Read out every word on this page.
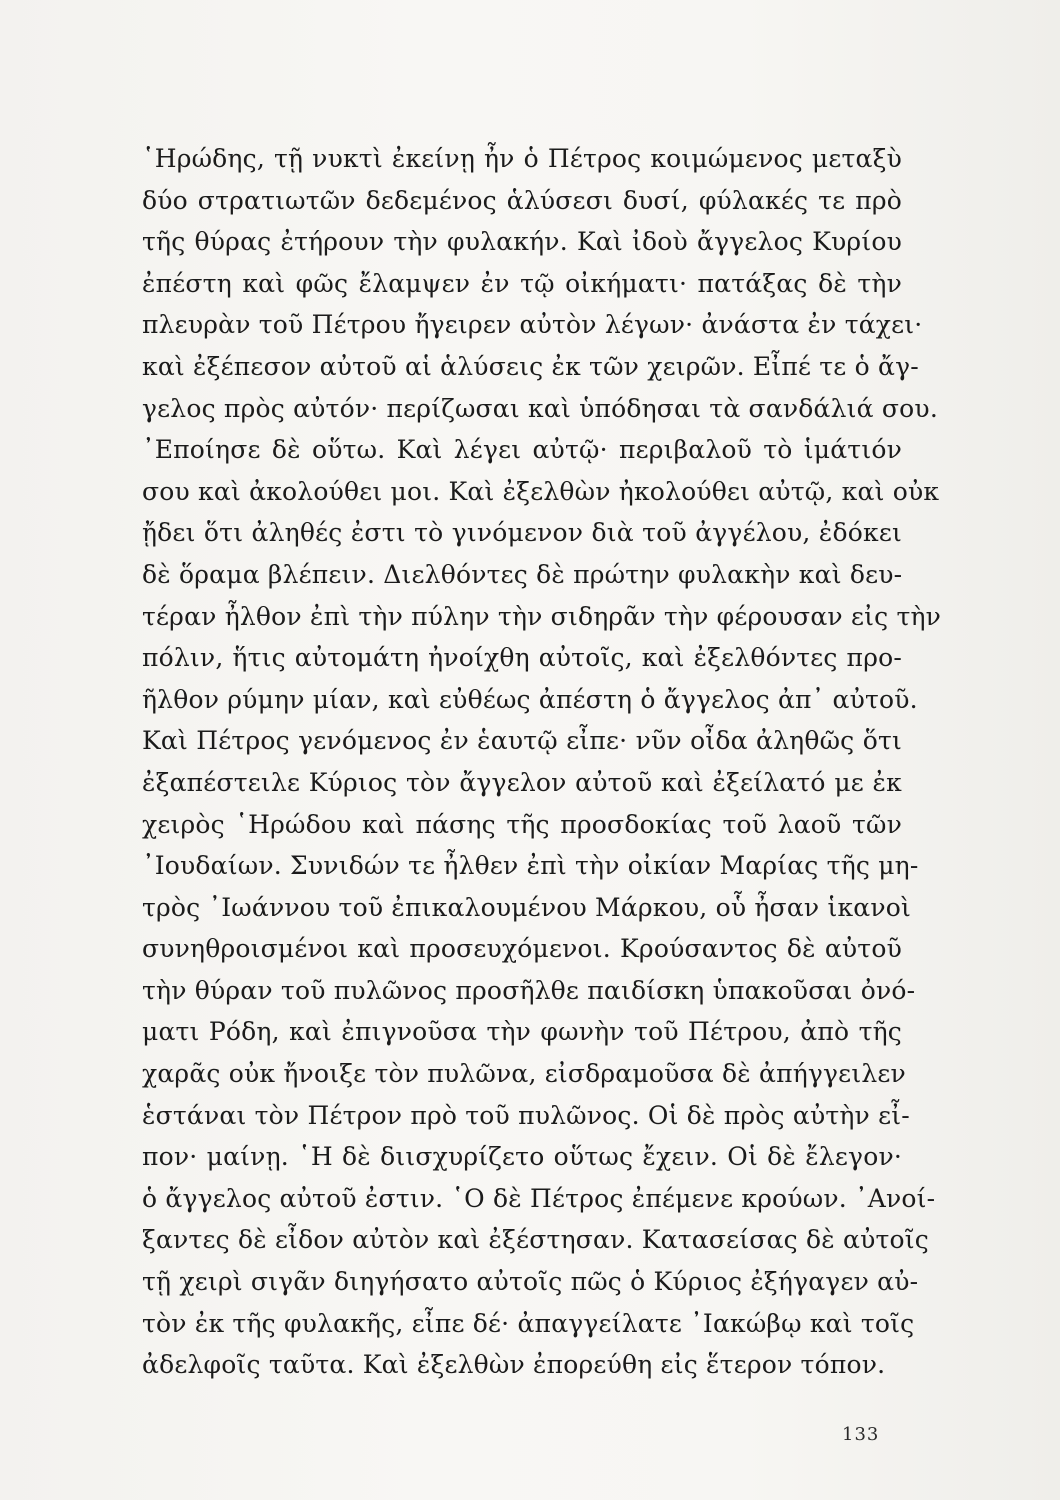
῾Ηρώδης, τῇ νυκτὶ ἐκείνῃ ἦν ὁ Πέτρος κοιμώμενος μεταξὺ
δύο στρατιωτῶν δεδεμένος ἁλύσεσι δυσί, φύλακές τε πρὸ
τῆς θύρας ἐτήρουν τὴν φυλακήν. Καὶ ἰδοὺ ἄγγελος Κυρίου
ἐπέστη καὶ φῶς ἔλαμψεν ἐν τῷ οἰκήματι· πατάξας δὲ τὴν
πλευρὰν τοῦ Πέτρου ἤγειρεν αὐτὸν λέγων· ἀνάστα ἐν τάχει·
καὶ ἐξέπεσον αὐτοῦ αἱ ἁλύσεις ἐκ τῶν χειρῶν. Εἶπέ τε ὁ ἄγ-
γελος πρὸς αὐτόν· περίζωσαι καὶ ὑπόδησαι τὰ σανδάλιά σου.
᾿Εποίησε δὲ οὕτω. Καὶ λέγει αὐτῷ· περιβαλοῦ τὸ ἱμάτιόν
σου καὶ ἀκολούθει μοι. Καὶ ἐξελθὼν ἠκολούθει αὐτῷ, καὶ οὐκ
ᾔδει ὅτι ἀληθές ἐστι τὸ γινόμενον διὰ τοῦ ἀγγέλου, ἐδόκει
δὲ ὅραμα βλέπειν. Διελθόντες δὲ πρώτην φυλακὴν καὶ δευ-
τέραν ἦλθον ἐπὶ τὴν πύλην τὴν σιδηρᾶν τὴν φέρουσαν εἰς τὴν
πόλιν, ἥτις αὐτομάτη ἠνοίχθη αὐτοῖς, καὶ ἐξελθόντες προ-
ῆλθον ρύμην μίαν, καὶ εὐθέως ἀπέστη ὁ ἄγγελος ἀπ᾿ αὐτοῦ.
Καὶ Πέτρος γενόμενος ἐν ἑαυτῷ εἶπε· νῦν οἶδα ἀληθῶς ὅτι
ἐξαπέστειλε Κύριος τὸν ἄγγελον αὐτοῦ καὶ ἐξείλατό με ἐκ
χειρὸς ῾Ηρώδου καὶ πάσης τῆς προσδοκίας τοῦ λαοῦ τῶν
᾿Ιουδαίων. Συνιδών τε ἦλθεν ἐπὶ τὴν οἰκίαν Μαρίας τῆς μη-
τρὸς ᾿Ιωάννου τοῦ ἐπικαλουμένου Μάρκου, οὗ ἦσαν ἱκανοὶ
συνηθροισμένοι καὶ προσευχόμενοι. Κρούσαντος δὲ αὐτοῦ
τὴν θύραν τοῦ πυλῶνος προσῆλθε παιδίσκη ὑπακοῦσαι ὀνό-
ματι Ρόδη, καὶ ἐπιγνοῦσα τὴν φωνὴν τοῦ Πέτρου, ἀπὸ τῆς
χαρᾶς οὐκ ἤνοιξε τὸν πυλῶνα, εἰσδραμοῦσα δὲ ἀπήγγειλεν
ἑστάναι τὸν Πέτρον πρὸ τοῦ πυλῶνος. Οἱ δὲ πρὸς αὐτὴν εἶ-
πον· μαίνῃ. ῾Η δὲ διισχυρίζετο οὕτως ἔχειν. Οἱ δὲ ἔλεγον·
ὁ ἄγγελος αὐτοῦ ἐστιν. ῾Ο δὲ Πέτρος ἐπέμενε κρούων. ᾿Ανοί-
ξαντες δὲ εἶδον αὐτὸν καὶ ἐξέστησαν. Κατασείσας δὲ αὐτοῖς
τῇ χειρὶ σιγᾶν διηγήσατο αὐτοῖς πῶς ὁ Κύριος ἐξήγαγεν αὐ-
τὸν ἐκ τῆς φυλακῆς, εἶπε δέ· ἀπαγγείλατε ᾿Ιακώβῳ καὶ τοῖς
ἀδελφοῖς ταῦτα. Καὶ ἐξελθὼν ἐπορεύθη εἰς ἕτερον τόπον.
133
